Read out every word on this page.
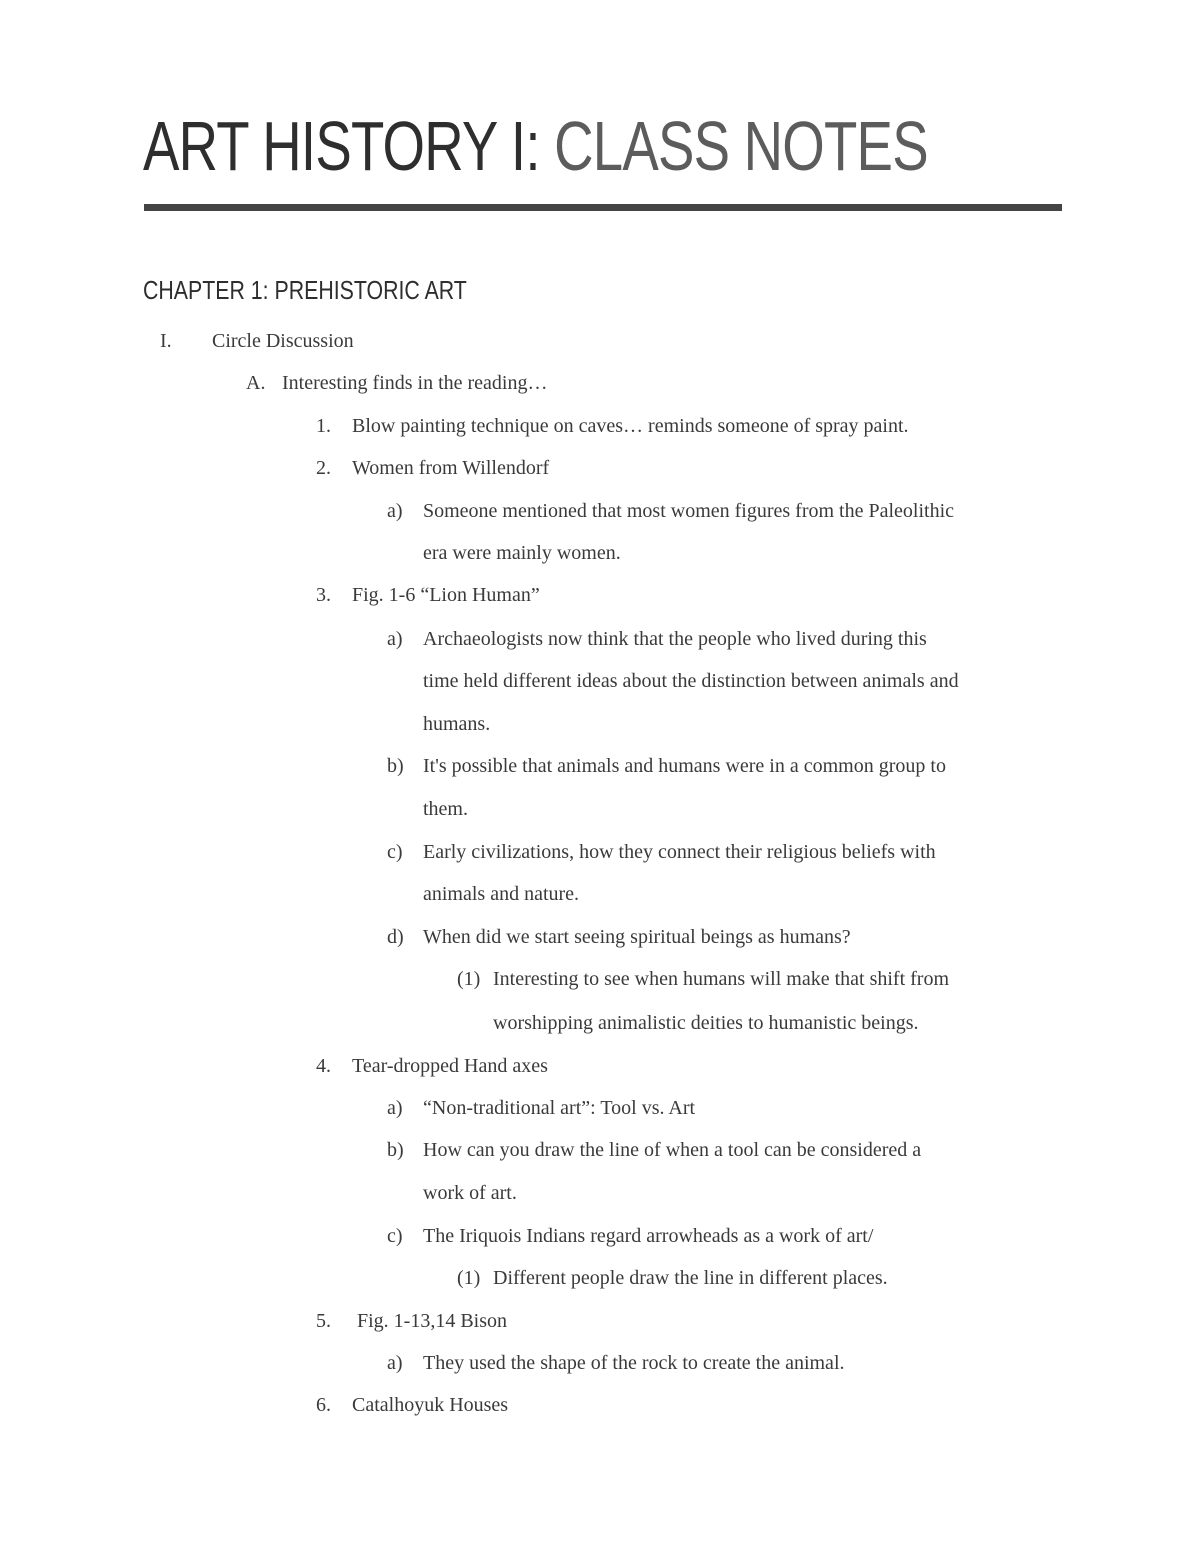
ART HISTORY I: CLASS NOTES
CHAPTER 1: PREHISTORIC ART
I. Circle Discussion
A. Interesting finds in the reading…
1. Blow painting technique on caves… reminds someone of spray paint.
2. Women from Willendorf
a) Someone mentioned that most women figures from the Paleolithic
era were mainly women.
3. Fig. 1-6 “Lion Human”
a) Archaeologists now think that the people who lived during this
time held different ideas about the distinction between animals and
humans.
b) It's possible that animals and humans were in a common group to
them.
c) Early civilizations, how they connect their religious beliefs with
animals and nature.
d) When did we start seeing spiritual beings as humans?
(1) Interesting to see when humans will make that shift from
worshipping animalistic deities to humanistic beings.
4. Tear-dropped Hand axes
a) “Non-traditional art”: Tool vs. Art
b) How can you draw the line of when a tool can be considered a
work of art.
c) The Iriquois Indians regard arrowheads as a work of art/
(1) Different people draw the line in different places.
5. Fig. 1-13,14 Bison
a) They used the shape of the rock to create the animal.
6. Catalhoyuk Houses
